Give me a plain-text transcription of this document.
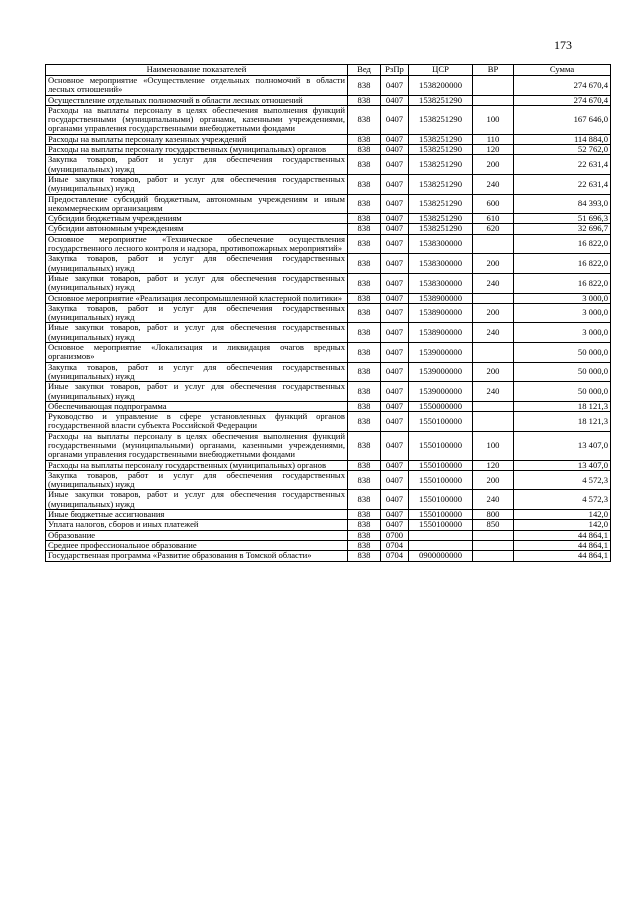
173
Наименование показателей	Вед	РзПр	ЦСР	ВР	Сумма
Основное мероприятие «Осуществление отдельных полномочий в области лесных отношений»	838	0407	1538200000		274 670,4
Осуществление отдельных полномочий в области лесных отношений	838	0407	1538251290		274 670,4
Расходы на выплаты персоналу в целях обеспечения выполнения функций государственными (муниципальными) органами, казенными учреждениями, органами управления государственными внебюджетными фондами	838	0407	1538251290	100	167 646,0
Расходы на выплаты персоналу казенных учреждений	838	0407	1538251290	110	114 884,0
Расходы на выплаты персоналу государственных (муниципальных) органов	838	0407	1538251290	120	52 762,0
Закупка товаров, работ и услуг для обеспечения государственных (муниципальных) нужд	838	0407	1538251290	200	22 631,4
Иные закупки товаров, работ и услуг для обеспечения государственных (муниципальных) нужд	838	0407	1538251290	240	22 631,4
Предоставление субсидий бюджетным, автономным учреждениям и иным некоммерческим организациям	838	0407	1538251290	600	84 393,0
Субсидии бюджетным учреждениям	838	0407	1538251290	610	51 696,3
Субсидии автономным учреждениям	838	0407	1538251290	620	32 696,7
Основное мероприятие «Техническое обеспечение осуществления государственного лесного контроля и надзора, противопожарных мероприятий»	838	0407	1538300000		16 822,0
Закупка товаров, работ и услуг для обеспечения государственных (муниципальных) нужд	838	0407	1538300000	200	16 822,0
Иные закупки товаров, работ и услуг для обеспечения государственных (муниципальных) нужд	838	0407	1538300000	240	16 822,0
Основное мероприятие «Реализация лесопромышленной кластерной политики»	838	0407	1538900000		3 000,0
Закупка товаров, работ и услуг для обеспечения государственных (муниципальных) нужд	838	0407	1538900000	200	3 000,0
Иные закупки товаров, работ и услуг для обеспечения государственных (муниципальных) нужд	838	0407	1538900000	240	3 000,0
Основное мероприятие «Локализация и ликвидация очагов вредных организмов»	838	0407	1539000000		50 000,0
Закупка товаров, работ и услуг для обеспечения государственных (муниципальных) нужд	838	0407	1539000000	200	50 000,0
Иные закупки товаров, работ и услуг для обеспечения государственных (муниципальных) нужд	838	0407	1539000000	240	50 000,0
Обеспечивающая подпрограмма	838	0407	1550000000		18 121,3
Руководство и управление в сфере установленных функций органов государственной власти субъекта Российской Федерации	838	0407	1550100000		18 121,3
Расходы на выплаты персоналу в целях обеспечения выполнения функций государственными (муниципальными) органами, казенными учреждениями, органами управления государственными внебюджетными фондами	838	0407	1550100000	100	13 407,0
Расходы на выплаты персоналу государственных (муниципальных) органов	838	0407	1550100000	120	13 407,0
Закупка товаров, работ и услуг для обеспечения государственных (муниципальных) нужд	838	0407	1550100000	200	4 572,3
Иные закупки товаров, работ и услуг для обеспечения государственных (муниципальных) нужд	838	0407	1550100000	240	4 572,3
Иные бюджетные ассигнования	838	0407	1550100000	800	142,0
Уплата налогов, сборов и иных платежей	838	0407	1550100000	850	142,0
Образование	838	0700			44 864,1
Среднее профессиональное образование	838	0704			44 864,1
Государственная программа «Развитие образования в Томской области»	838	0704	0900000000		44 864,1
